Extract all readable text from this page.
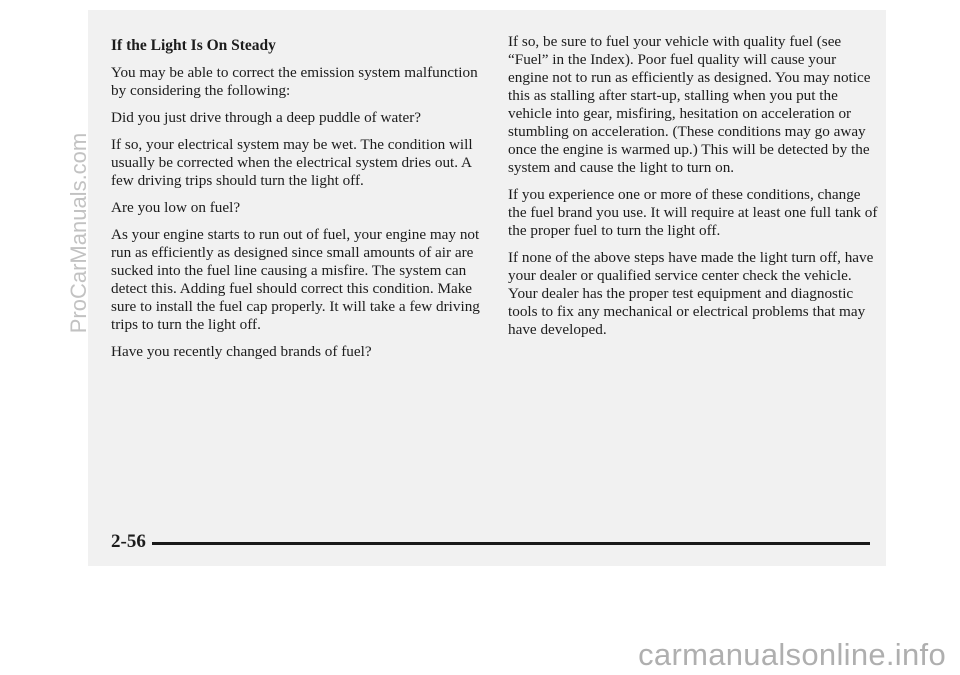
If the Light Is On Steady

You may be able to correct the emission system malfunction by considering the following:

Did you just drive through a deep puddle of water?

If so, your electrical system may be wet. The condition will usually be corrected when the electrical system dries out. A few driving trips should turn the light off.

Are you low on fuel?

As your engine starts to run out of fuel, your engine may not run as efficiently as designed since small amounts of air are sucked into the fuel line causing a misfire. The system can detect this. Adding fuel should correct this condition. Make sure to install the fuel cap properly. It will take a few driving trips to turn the light off.

Have you recently changed brands of fuel?

If so, be sure to fuel your vehicle with quality fuel (see “Fuel” in the Index). Poor fuel quality will cause your engine not to run as efficiently as designed. You may notice this as stalling after start-up, stalling when you put the vehicle into gear, misfiring, hesitation on acceleration or stumbling on acceleration. (These conditions may go away once the engine is warmed up.) This will be detected by the system and cause the light to turn on.

If you experience one or more of these conditions, change the fuel brand you use. It will require at least one full tank of the proper fuel to turn the light off.

If none of the above steps have made the light turn off, have your dealer or qualified service center check the vehicle. Your dealer has the proper test equipment and diagnostic tools to fix any mechanical or electrical problems that may have developed.

2-56
ProCarManuals.com
carmanualsonline.info
